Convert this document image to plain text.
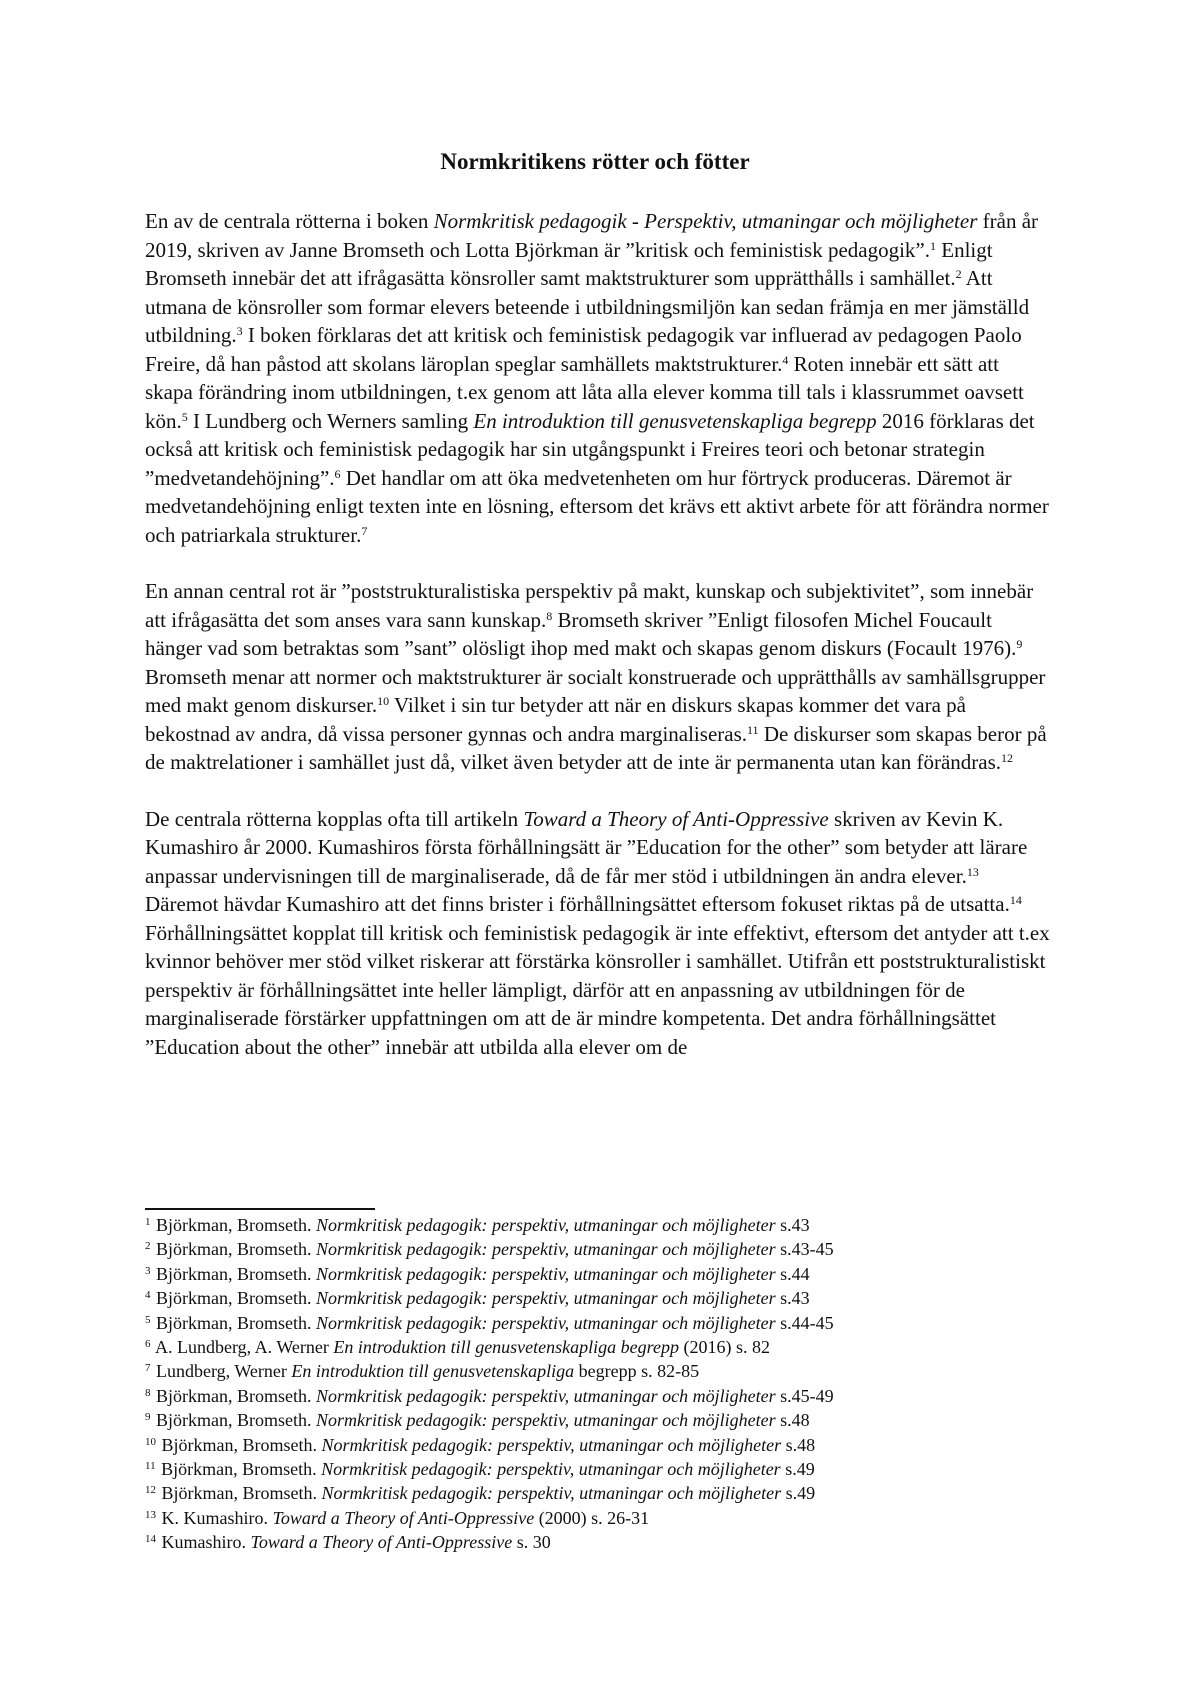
Normkritikens rötter och fötter

En av de centrala rötterna i boken Normkritisk pedagogik - Perspektiv, utmaningar och möjligheter från år 2019, skriven av Janne Bromseth och Lotta Björkman är ”kritisk och feministisk pedagogik”.$^1$ Enligt Bromseth innebär det att ifrågasätta könsroller samt maktstrukturer som upprätthålls i samhället.$^2$ Att utmana de könsroller som formar elevers beteende i utbildningsmiljön kan sedan främja en mer jämställd utbildning.$^3$ I boken förklaras det att kritisk och feministisk pedagogik var influerad av pedagogen Paolo Freire, då han påstod att skolans läroplan speglar samhällets maktstrukturer.$^4$ Roten innebär ett sätt att skapa förändring inom utbildningen, t.ex genom att låta alla elever komma till tals i klassrummet oavsett kön.$^5$ I Lundberg och Werners samling En introduktion till genusvetenskapliga begrepp 2016 förklaras det också att kritisk och feministisk pedagogik har sin utgångspunkt i Freires teori och betonar strategin ”medvetandehöjning”.$^6$ Det handlar om att öka medvetenheten om hur förtryck produceras. Däremot är medvetandehöjning enligt texten inte en lösning, eftersom det krävs ett aktivt arbete för att förändra normer och patriarkala strukturer.$^7$

En annan central rot är ”poststrukturalistiska perspektiv på makt, kunskap och subjektivitet”, som innebär att ifrågasätta det som anses vara sann kunskap.$^8$ Bromseth skriver ”Enligt filosofen Michel Foucault hänger vad som betraktas som ”sant” olösligt ihop med makt och skapas genom diskurs (Focault 1976).$^9$ Bromseth menar att normer och maktstrukturer är socialt konstruerade och upprätthålls av samhällsgrupper med makt genom diskurser.$^{10}$ Vilket i sin tur betyder att när en diskurs skapas kommer det vara på bekostnad av andra, då vissa personer gynnas och andra marginaliseras.$^{11}$ De diskurser som skapas beror på de maktrelationer i samhället just då, vilket även betyder att de inte är permanenta utan kan förändras.$^{12}$

De centrala rötterna kopplas ofta till artikeln Toward a Theory of Anti-Oppressive skriven av Kevin K. Kumashiro år 2000. Kumashiros första förhållningsätt är ”Education for the other” som betyder att lärare anpassar undervisningen till de marginaliserade, då de får mer stöd i utbildningen än andra elever.$^{13}$ Däremot hävdar Kumashiro att det finns brister i förhållningsättet eftersom fokuset riktas på de utsatta.$^{14}$ Förhållningsättet kopplat till kritisk och feministisk pedagogik är inte effektivt, eftersom det antyder att t.ex kvinnor behöver mer stöd vilket riskerar att förstärka könsroller i samhället. Utifrån ett poststrukturalistiskt perspektiv är förhållningsättet inte heller lämpligt, därför att en anpassning av utbildningen för de marginaliserade förstärker uppfattningen om att de är mindre kompetenta. Det andra förhållningsättet ”Education about the other” innebär att utbilda alla elever om de

$^1$ Björkman, Bromseth. Normkritisk pedagogik: perspektiv, utmaningar och möjligheter s.43
$^2$ Björkman, Bromseth. Normkritisk pedagogik: perspektiv, utmaningar och möjligheter s.43-45
$^3$ Björkman, Bromseth. Normkritisk pedagogik: perspektiv, utmaningar och möjligheter s.44
$^4$ Björkman, Bromseth. Normkritisk pedagogik: perspektiv, utmaningar och möjligheter s.43
$^5$ Björkman, Bromseth. Normkritisk pedagogik: perspektiv, utmaningar och möjligheter s.44-45
$^6$ A. Lundberg, A. Werner En introduktion till genusvetenskapliga begrepp (2016) s. 82
$^7$ Lundberg, Werner En introduktion till genusvetenskapliga begrepp s. 82-85
$^8$ Björkman, Bromseth. Normkritisk pedagogik: perspektiv, utmaningar och möjligheter s.45-49
$^9$ Björkman, Bromseth. Normkritisk pedagogik: perspektiv, utmaningar och möjligheter s.48
$^{10}$ Björkman, Bromseth. Normkritisk pedagogik: perspektiv, utmaningar och möjligheter s.48
$^{11}$ Björkman, Bromseth. Normkritisk pedagogik: perspektiv, utmaningar och möjligheter s.49
$^{12}$ Björkman, Bromseth. Normkritisk pedagogik: perspektiv, utmaningar och möjligheter s.49
$^{13}$ K. Kumashiro. Toward a Theory of Anti-Oppressive (2000) s. 26-31
$^{14}$ Kumashiro. Toward a Theory of Anti-Oppressive s. 30
